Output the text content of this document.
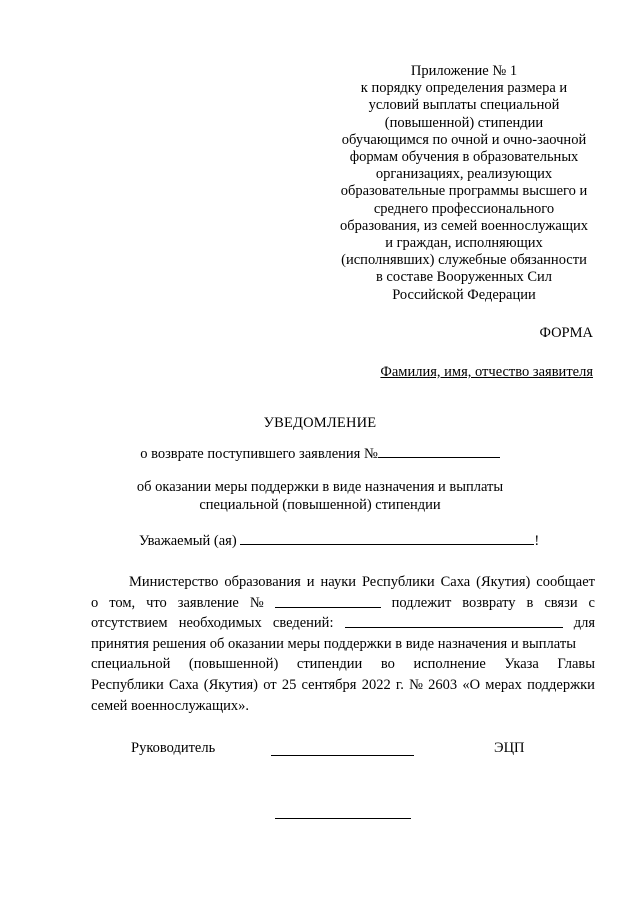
Приложение № 1
к порядку определения размера и
условий выплаты специальной
(повышенной) стипендии
обучающимся по очной и очно-заочной
формам обучения в образовательных
организациях, реализующих
образовательные программы высшего и
среднего профессионального
образования, из семей военнослужащих
и граждан, исполняющих
(исполнявших) служебные обязанности
в составе Вооруженных Сил
Российской Федерации
ФОРМА
Фамилия, имя, отчество заявителя
УВЕДОМЛЕНИЕ
о возврате поступившего заявления №
об оказании меры поддержки в виде назначения и выплаты
специальной (повышенной) стипендии
Уважаемый (ая)	!
Министерство образования и науки Республики Саха (Якутия) сообщает
о том, что заявление №	подлежит возврату в связи с
отсутствием необходимых сведений:	для
принятия решения об оказании меры поддержки в виде назначения и выплаты
специальной (повышенной) стипендии во исполнение Указа Главы
Республики Саха (Якутия) от 25 сентября 2022 г. № 2603 «О мерах поддержки
семей военнослужащих».
Руководитель	ЭЦП
